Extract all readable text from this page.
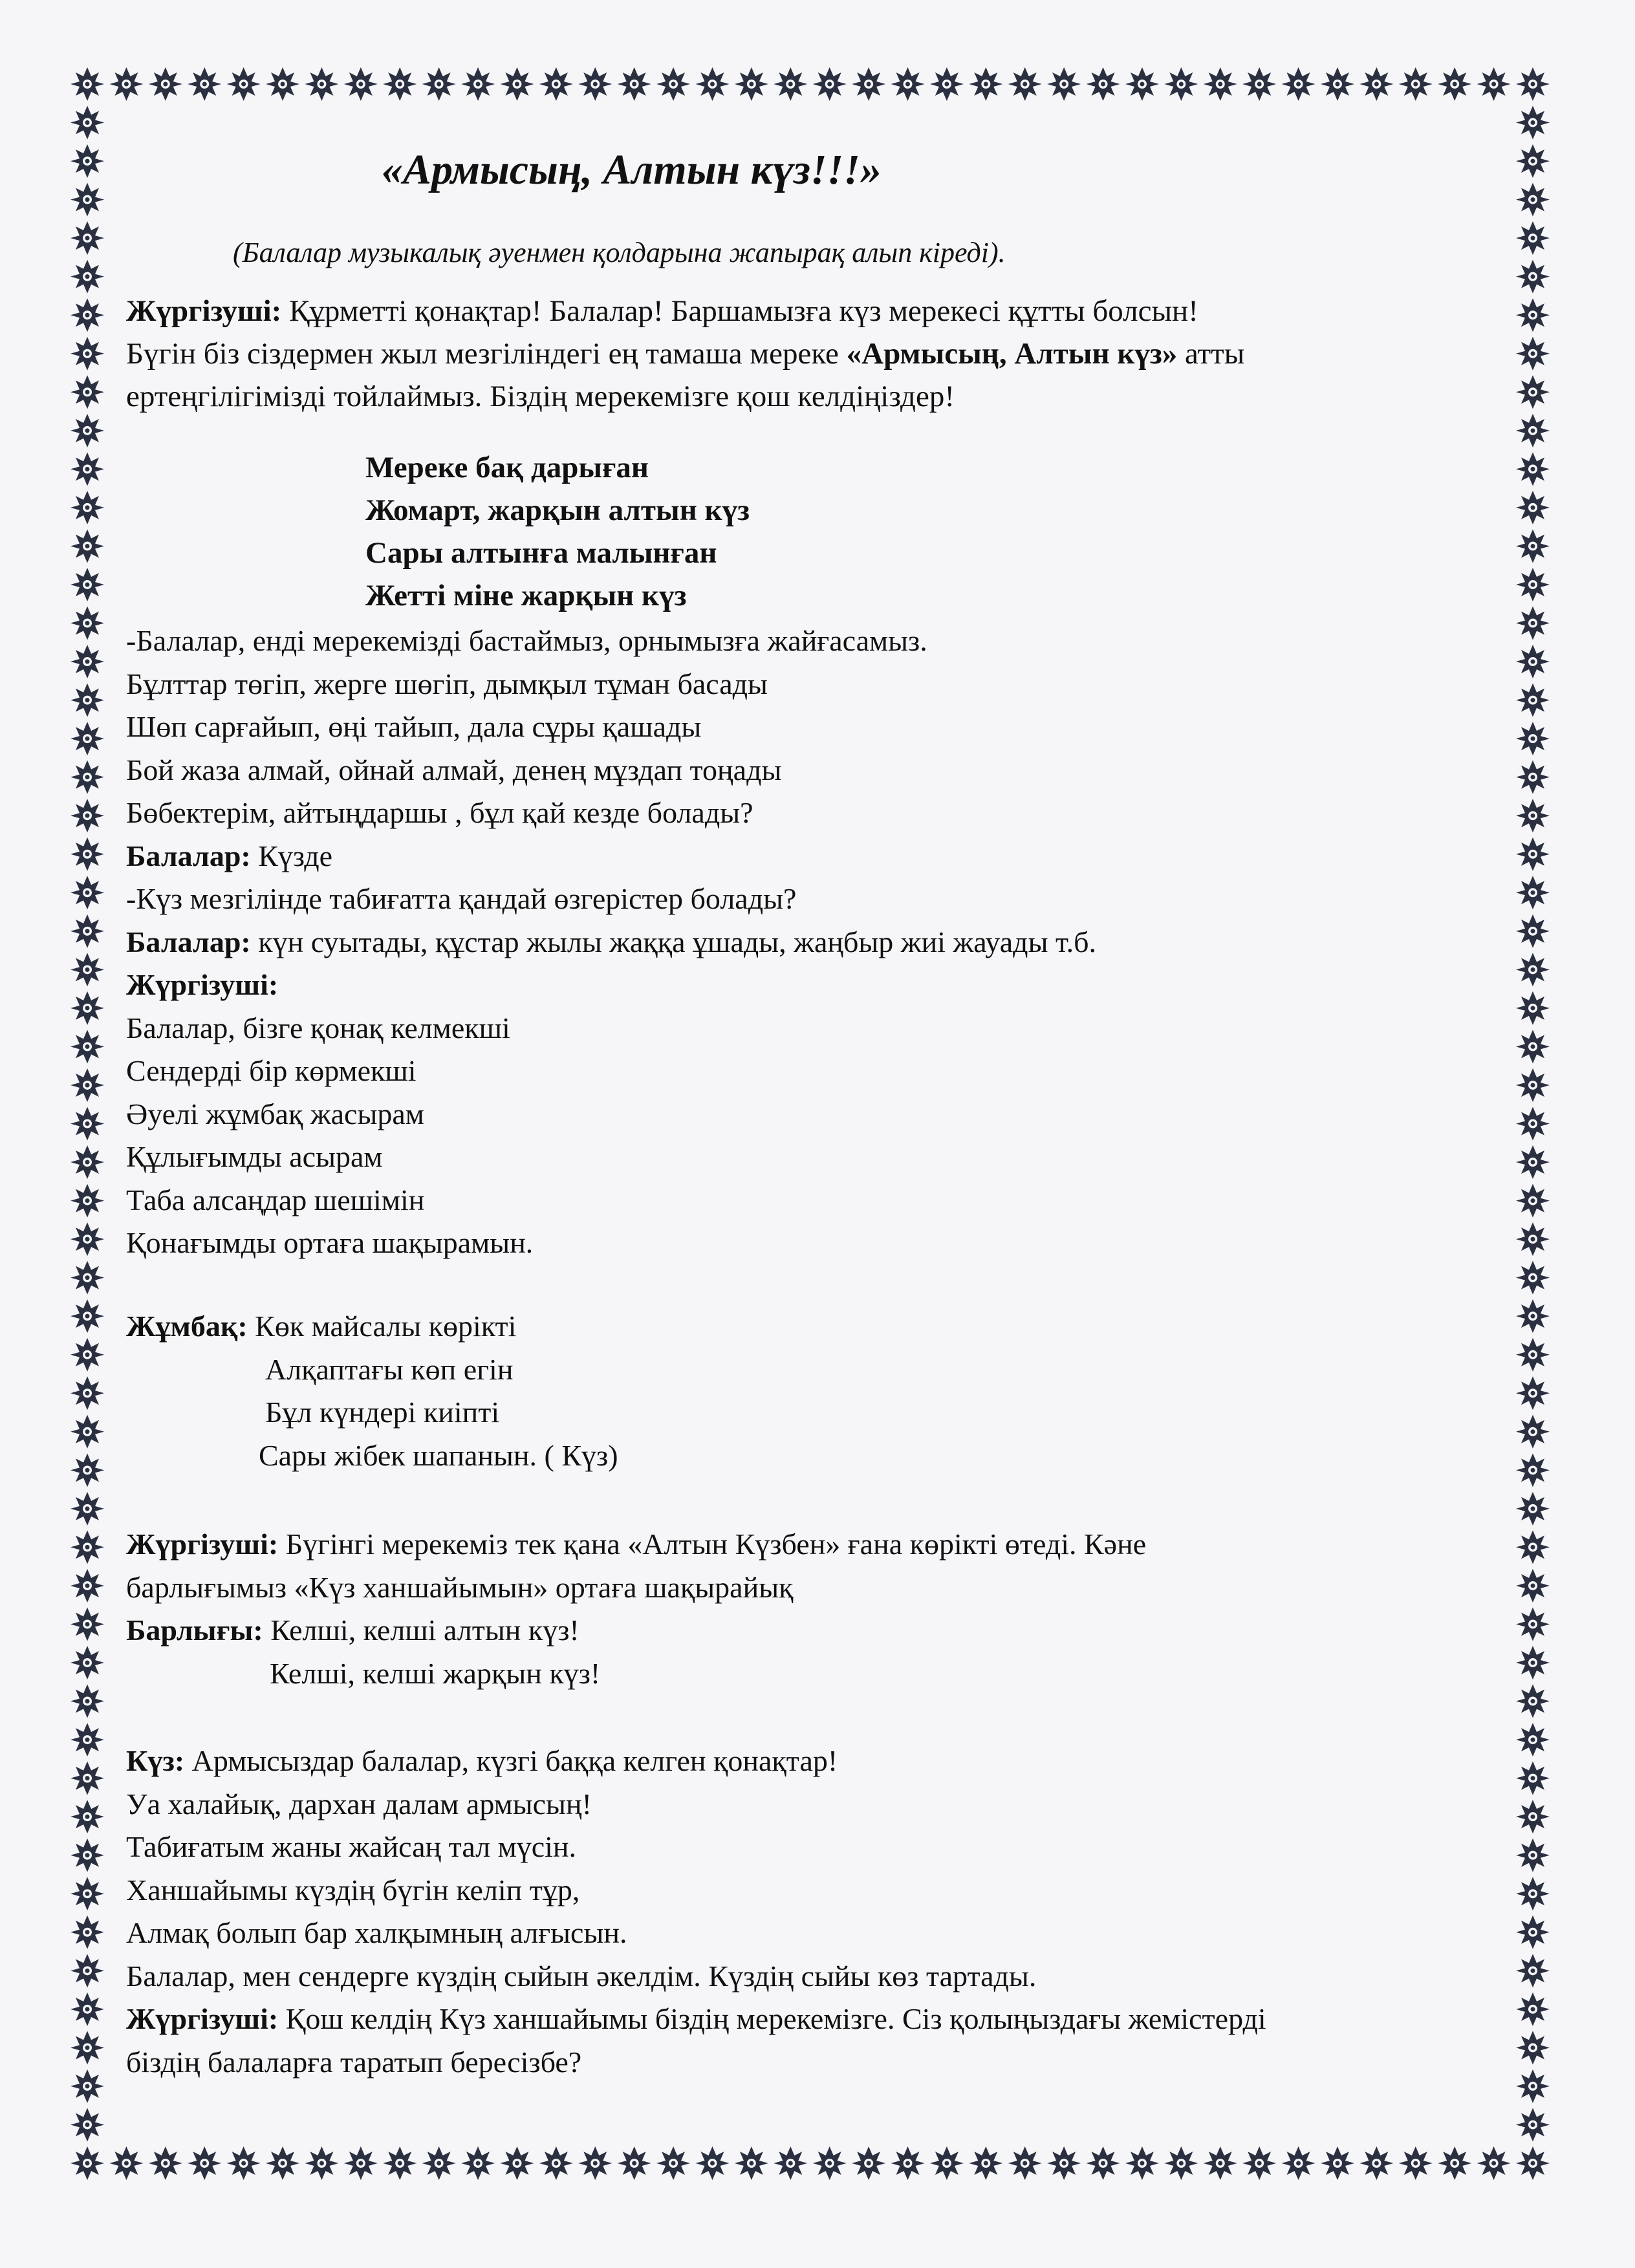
«Армысың, Алтын күз!!!»
(Балалар музыкалық әуенмен қолдарына жапырақ алып кіреді).
Жүргізуші: Құрметті қонақтар! Балалар! Баршамызға күз мерекесі құтты болсын!
Бүгін біз сіздермен жыл мезгіліндегі ең тамаша мереке «Армысың, Алтын күз» атты
ертеңгілігімізді тойлаймыз. Біздің мерекемізге қош келдіңіздер!
Мереке бақ дарыған
Жомарт, жарқын алтын күз
Сары алтынға малынған
Жетті міне жарқын күз
-Балалар, енді мерекемізді бастаймыз, орнымызға жайғасамыз.
Бұлттар төгіп, жерге шөгіп, дымқыл тұман басады
Шөп сарғайып, өңі тайып, дала сұры қашады
Бой жаза алмай, ойнай алмай, денең мұздап тоңады
Бөбектерім, айтыңдаршы , бұл қай кезде болады?
Балалар: Күзде
-Күз мезгілінде табиғатта қандай өзгерістер болады?
Балалар: күн суытады, құстар жылы жаққа ұшады, жаңбыр жиі жауады т.б.
Жүргізуші:
Балалар, бізге қонақ келмекші
Сендерді бір көрмекші
Әуелі жұмбақ жасырам
Құлығымды асырам
Таба алсаңдар шешімін
Қонағымды ортаға шақырамын.
Жұмбақ: Көк майсалы көрікті
Алқаптағы көп егін
Бұл күндері киіпті
Сары жібек шапанын. ( Күз)
Жүргізуші: Бүгінгі мерекеміз тек қана «Алтын Күзбен» ғана көрікті өтеді. Кәне
барлығымыз «Күз ханшайымын» ортаға шақырайық
Барлығы: Келші, келші алтын күз!
Келші, келші жарқын күз!
Күз: Армысыздар балалар, күзгі баққа келген қонақтар!
Уа халайық, дархан далам армысың!
Табиғатым жаны жайсаң тал мүсін.
Ханшайымы күздің бүгін келіп тұр,
Алмақ болып бар халқымның алғысын.
Балалар, мен сендерге күздің сыйын әкелдім. Күздің сыйы көз тартады.
Жүргізуші: Қош келдің Күз ханшайымы біздің мерекемізге. Сіз қолыңыздағы жемістерді
біздің балаларға таратып бересізбе?
